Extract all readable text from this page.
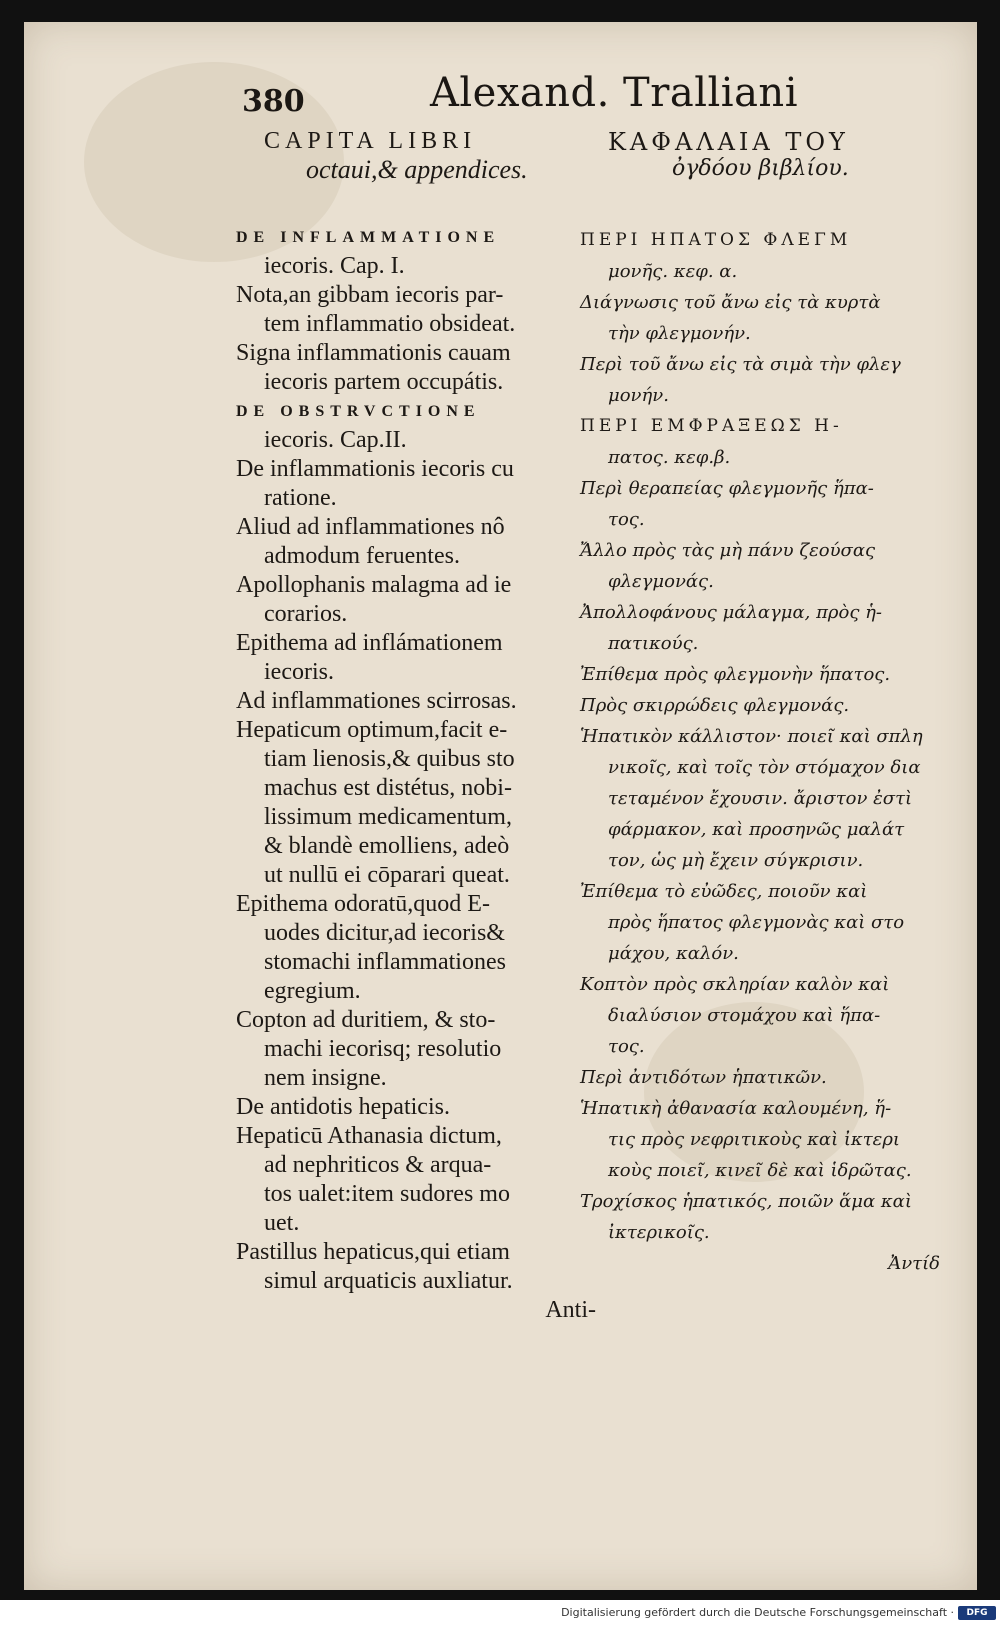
380	Alexand. Tralliani
CAPITA LIBRI
octaui,& appendices.
DE INFLAMMATIONE
iecoris. Cap. I.
Nota,an gibbam iecoris par-
tem inflammatio obsideat.
Signa inflammationis cauam
iecoris partem occupátis.
DE OBSTRVCTIONE
iecoris. Cap.II.
De inflammationis iecoris cu
ratione.
Aliud ad inflammationes nô
admodum feruentes.
Apollophanis malagma ad ie
corarios.
Epithema ad inflámationem
iecoris.
Ad inflammationes scirrosas.
Hepaticum optimum,facit e-
tiam lienosis,& quibus sto
machus est distétus, nobi-
lissimum medicamentum,
& blandè emolliens, adeò
ut nullū ei cōparari queat.
Epithema odoratū,quod E-
uodes dicitur,ad iecoris&
stomachi inflammationes
egregium.
Copton ad duritiem, & sto-
machi iecorisq; resolutio
nem insigne.
De antidotis hepaticis.
Hepaticū Athanasia dictum,
ad nephriticos & arqua-
tos ualet:item sudores mo
uet.
Pastillus hepaticus,qui etiam
simul arquaticis auxliatur.
Anti-
ΚΑΦΑΛΑΙΑ ΤΟΥ
ὀγδόου βιβλίου.
ΠΕΡΙ ΗΠΑΤΟΣ ΦΛΕΓΜ
μονῆς. κεφ. α.
Διάγνωσις τοῦ ἄνω εἰς τὰ κυρτὰ
τὴν φλεγμονήν.
Περὶ τοῦ ἄνω εἰς τὰ σιμὰ τὴν φλεγ
μονήν.
ΠΕΡΙ ΕΜΦΡΑΞΕΩΣ Η-
πατος. κεφ.β.
Περὶ θεραπείας φλεγμονῆς ἥπα-
τος.
Ἄλλο πρὸς τὰς μὴ πάνυ ζεούσας
φλεγμονάς.
Ἀπολλοφάνους μάλαγμα, πρὸς ἡ-
πατικούς.
Ἐπίθεμα πρὸς φλεγμονὴν ἥπατος.
Πρὸς σκιρρώδεις φλεγμονάς.
Ἡπατικὸν κάλλιστον· ποιεῖ καὶ σπλη
νικοῖς, καὶ τοῖς τὸν στόμαχον δια
τεταμένον ἔχουσιν. ἄριστον ἐστὶ
φάρμακον, καὶ προσηνῶς μαλάτ
τον, ὡς μὴ ἔχειν σύγκρισιν.
Ἐπίθεμα τὸ εὐῶδες, ποιοῦν καὶ
πρὸς ἥπατος φλεγμονὰς καὶ στο
μάχου, καλόν.
Κοπτὸν πρὸς σκληρίαν καλὸν καὶ
διαλύσιον στομάχου καὶ ἥπα-
τος.
Περὶ ἀντιδότων ἡπατικῶν.
Ἡπατικὴ ἀθανασία καλουμένη, ἥ-
τις πρὸς νεφριτικοὺς καὶ ἰκτερι
κοὺς ποιεῖ, κινεῖ δὲ καὶ ἱδρῶτας.
Τροχίσκος ἡπατικός, ποιῶν ἅμα καὶ
ἰκτερικοῖς.
Ἀντίδ
Digitalisierung gefördert durch die Deutsche Forschungsgemeinschaft ·	DFG
